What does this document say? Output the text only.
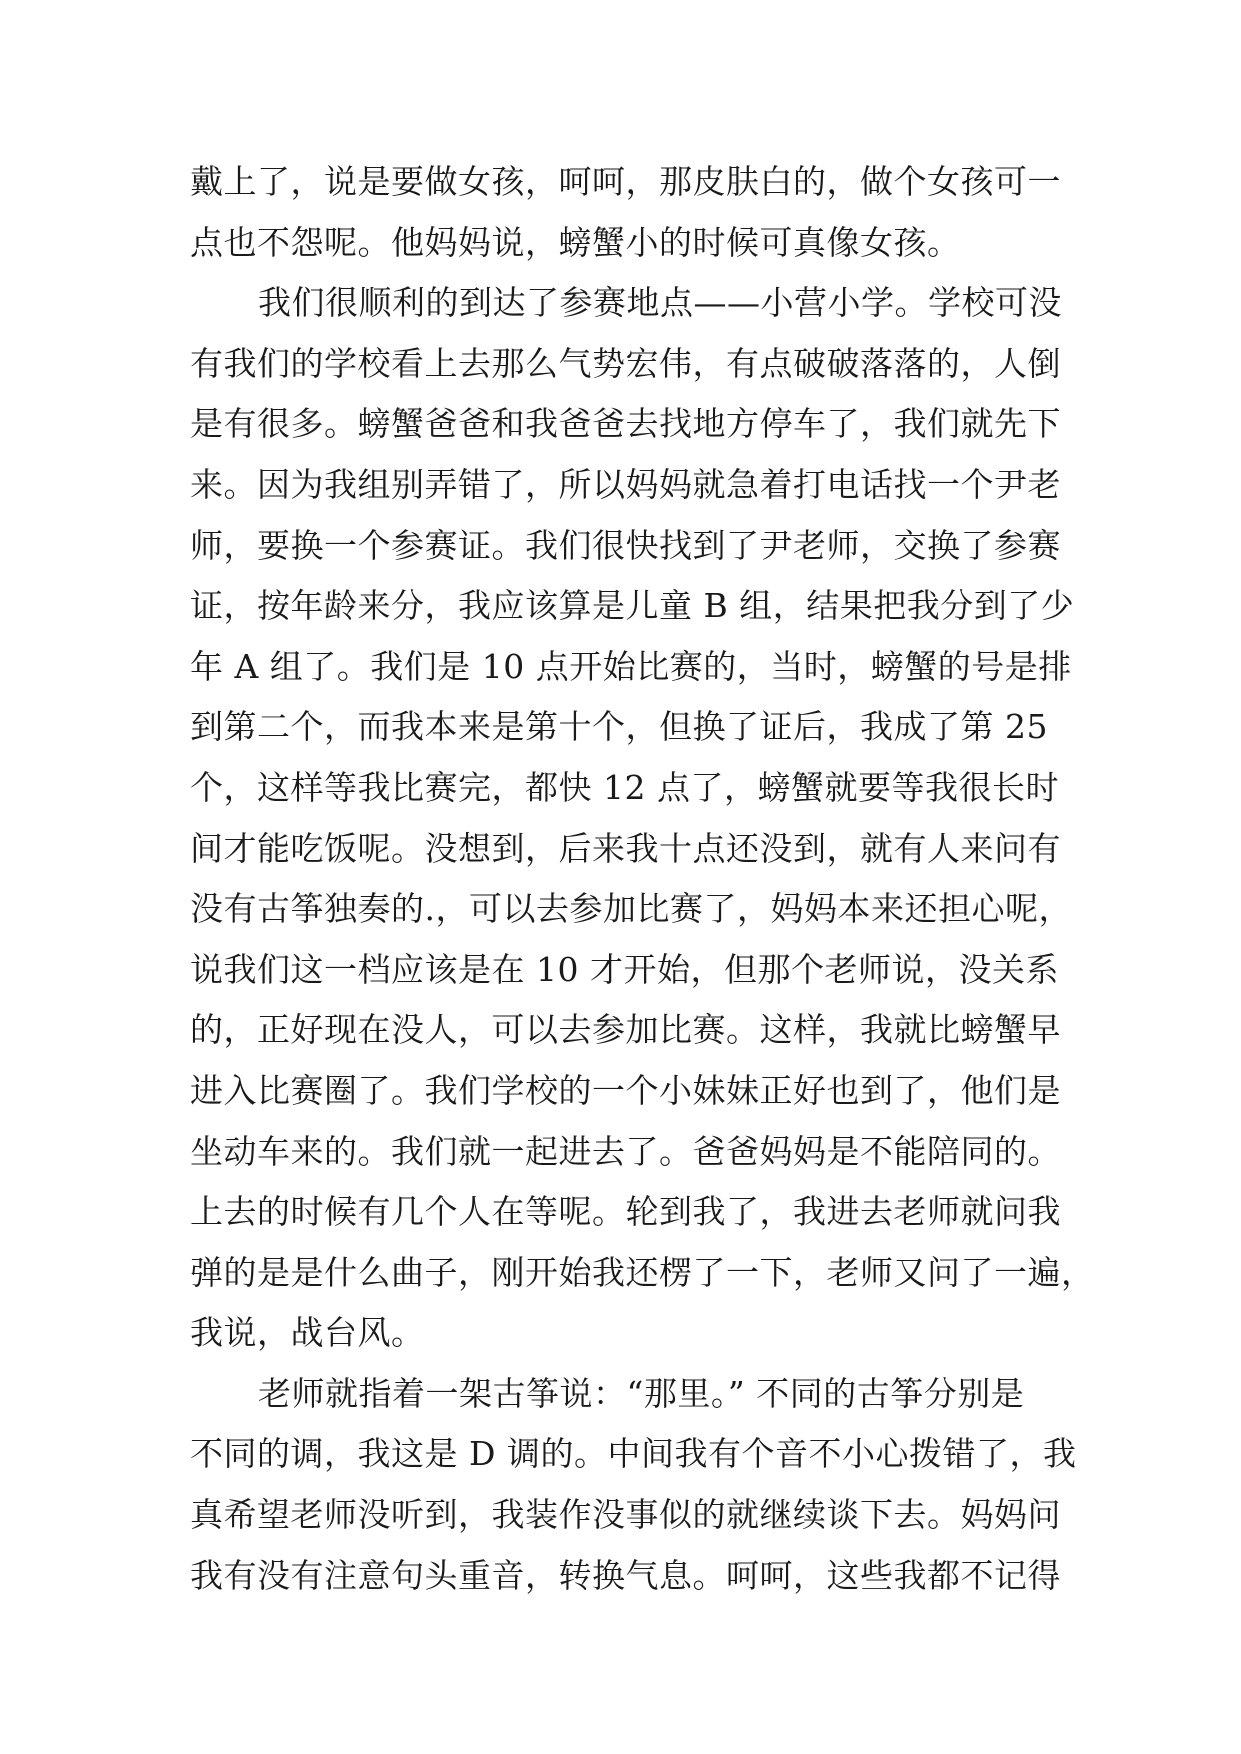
戴上了，说是要做女孩，呵呵，那皮肤白的，做个女孩可一
点也不怨呢。他妈妈说，螃蟹小的时候可真像女孩。
我们很顺利的到达了参赛地点——小营小学。学校可没
有我们的学校看上去那么气势宏伟，有点破破落落的，人倒
是有很多。螃蟹爸爸和我爸爸去找地方停车了，我们就先下
来。因为我组别弄错了，所以妈妈就急着打电话找一个尹老
师，要换一个参赛证。我们很快找到了尹老师，交换了参赛
证，按年龄来分，我应该算是儿童 B 组，结果把我分到了少
年 A 组了。我们是 10 点开始比赛的，当时，螃蟹的号是排
到第二个，而我本来是第十个，但换了证后，我成了第 25
个，这样等我比赛完，都快 12 点了，螃蟹就要等我很长时
间才能吃饭呢。没想到，后来我十点还没到，就有人来问有
没有古筝独奏的.，可以去参加比赛了，妈妈本来还担心呢，
说我们这一档应该是在 10 才开始，但那个老师说，没关系
的，正好现在没人，可以去参加比赛。这样，我就比螃蟹早
进入比赛圈了。我们学校的一个小妹妹正好也到了，他们是
坐动车来的。我们就一起进去了。爸爸妈妈是不能陪同的。
上去的时候有几个人在等呢。轮到我了，我进去老师就问我
弹的是是什么曲子，刚开始我还楞了一下，老师又问了一遍，
我说，战台风。
老师就指着一架古筝说：“那里。” 不同的古筝分别是
不同的调，我这是 D 调的。中间我有个音不小心拨错了，我
真希望老师没听到，我装作没事似的就继续谈下去。妈妈问
我有没有注意句头重音，转换气息。呵呵，这些我都不记得
